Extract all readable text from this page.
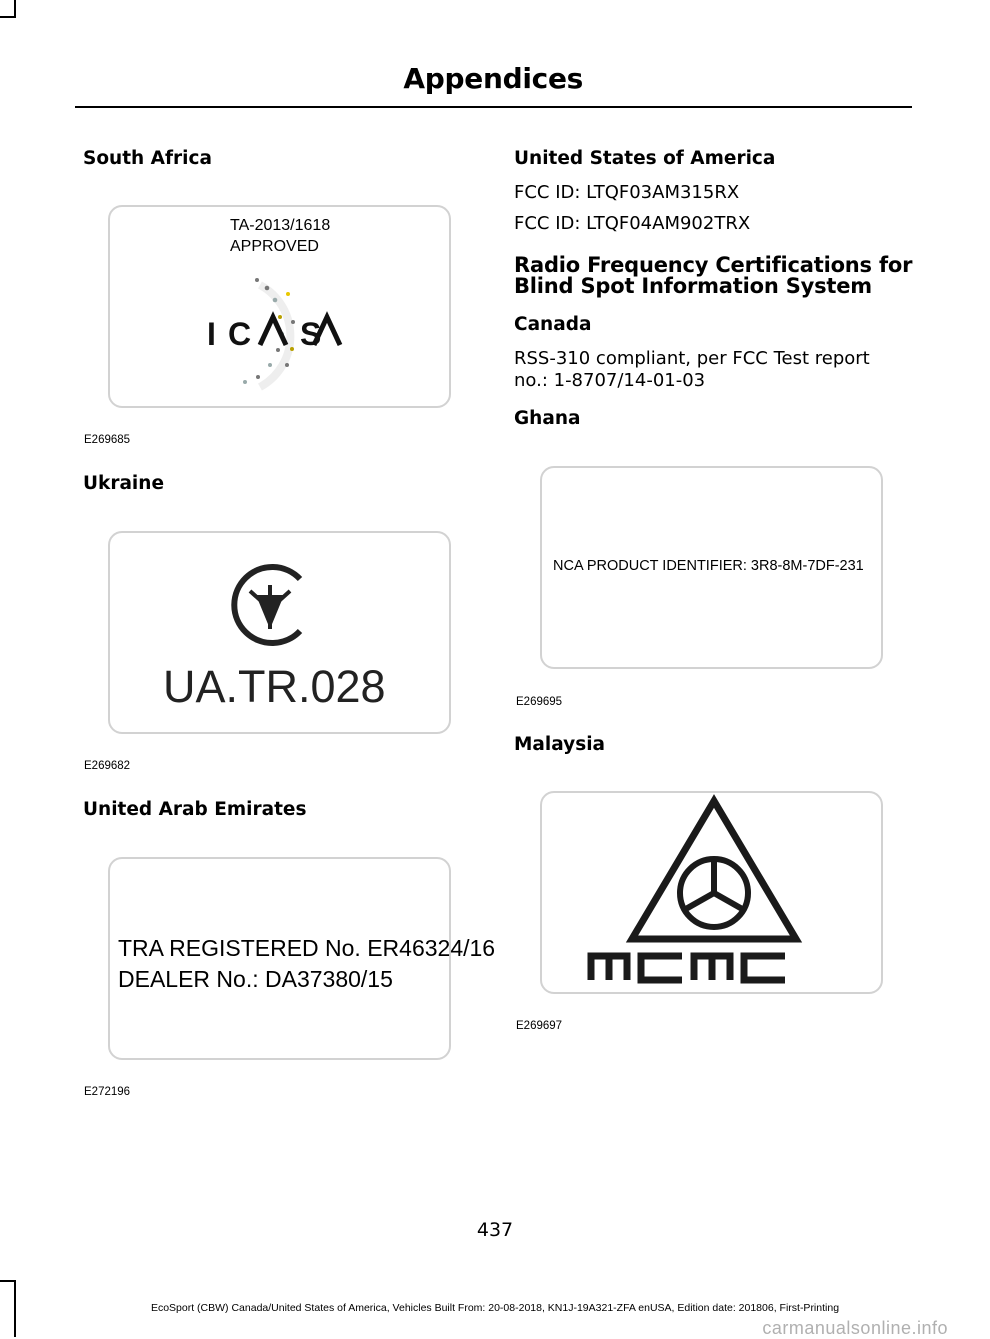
Appendices
South Africa
TA-2013/1618
APPROVED
I C S
E269685
Ukraine
UA.TR.028
E269682
United Arab Emirates
TRA REGISTERED No. ER46324/16
DEALER No.: DA37380/15
E272196
United States of America
FCC ID: LTQF03AM315RX
FCC ID: LTQF04AM902TRX
Radio Frequency Certifications for
Blind Spot Information System
Canada
RSS-310 compliant, per FCC Test report
no.: 1-8707/14-01-03
Ghana
NCA PRODUCT IDENTIFIER: 3R8-8M-7DF-231
E269695
Malaysia
E269697
437
EcoSport (CBW) Canada/United States of America, Vehicles Built From: 20-08-2018, KN1J-19A321-ZFA enUSA, Edition date: 201806, First-Printing
carmanualsonline.info
